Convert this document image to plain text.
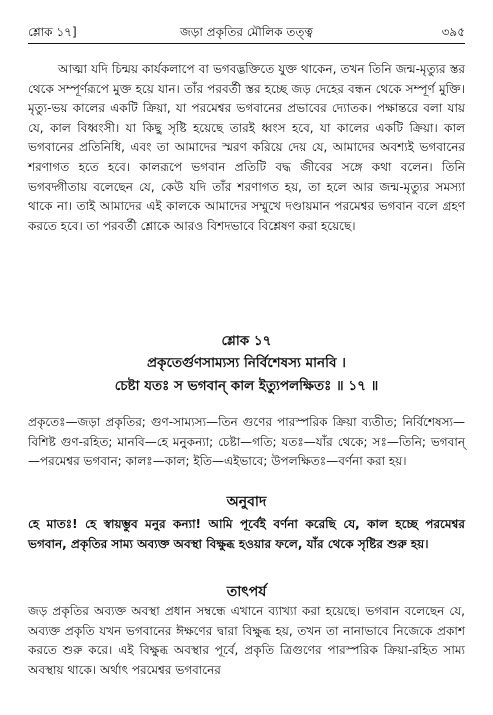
শ্লোক ১৭]	জড়া প্রকৃতির মৌলিক তত্ত্ব	৩৯৫

আত্মা যদি চিন্ময় কার্যকলাপে বা ভগবদ্ভক্তিতে যুক্ত থাকেন, তখন তিনি জন্ম-মৃত্যুর স্তর থেকে সম্পূর্ণরূপে মুক্ত হয়ে যান। তাঁর পরবর্তী স্তর হচ্ছে জড় দেহের বন্ধন থেকে সম্পূর্ণ মুক্তি। মৃত্যু-ভয় কালের একটি ক্রিয়া, যা পরমেশ্বর ভগবানের প্রভাবের দ্যোতক। পক্ষান্তরে বলা যায় যে, কাল বিধ্বংসী। যা কিছু সৃষ্টি হয়েছে তারই ধ্বংস হবে, যা কালের একটি ক্রিয়া। কাল ভগবানের প্রতিনিধি, এবং তা আমাদের স্মরণ করিয়ে দেয় যে, আমাদের অবশ্যই ভগবানের শরণাগত হতে হবে। কালরূপে ভগবান প্রতিটি বদ্ধ জীবের সঙ্গে কথা বলেন। তিনি ভগবদ্গীতায় বলেছেন যে, কেউ যদি তাঁর শরণাগত হয়, তা হলে আর জন্ম-মৃত্যুর সমস্যা থাকে না। তাই আমাদের এই কালকে আমাদের সম্মুখে দণ্ডায়মান পরমেশ্বর ভগবান বলে গ্রহণ করতে হবে। তা পরবর্তী শ্লোকে আরও বিশদভাবে বিশ্লেষণ করা হয়েছে।

শ্লোক ১৭
প্রকৃতের্গুণসাম্যস্য নির্বিশেষস্য মানবি ।
চেষ্টা যতঃ স ভগবান্ কাল ইত্যুপলক্ষিতঃ ॥ ১৭ ॥

প্রকৃতেঃ—জড়া প্রকৃতির; গুণ-সাম্যস্য—তিন গুণের পারস্পরিক ক্রিয়া ব্যতীত; নির্বিশেষস্য—বিশিষ্ট গুণ-রহিত; মানবি—হে মনুকন্যা; চেষ্টা—গতি; যতঃ—যাঁর থেকে; সঃ—তিনি; ভগবান্—পরমেশ্বর ভগবান; কালঃ—কাল; ইতি—এইভাবে; উপলক্ষিতঃ—বর্ণনা করা হয়।

অনুবাদ

হে মাতঃ! হে স্বায়ম্ভুব মনুর কন্যা! আমি পূর্বেই বর্ণনা করেছি যে, কাল হচ্ছে পরমেশ্বর ভগবান, প্রকৃতির সাম্য অব্যক্ত অবস্থা বিক্ষুব্ধ হওয়ার ফলে, যাঁর থেকে সৃষ্টির শুরু হয়।

তাৎপর্য

জড় প্রকৃতির অব্যক্ত অবস্থা প্রধান সম্বন্ধে এখানে ব্যাখ্যা করা হয়েছে। ভগবান বলেছেন যে, অব্যক্ত প্রকৃতি যখন ভগবানের ঈক্ষণের দ্বারা বিক্ষুব্ধ হয়, তখন তা নানাভাবে নিজেকে প্রকাশ করতে শুরু করে। এই বিক্ষুব্ধ অবস্থার পূর্বে, প্রকৃতি ত্রিগুণের পারস্পরিক ক্রিয়া-রহিত সাম্য অবস্থায় থাকে। অর্থাৎ পরমেশ্বর ভগবানের
